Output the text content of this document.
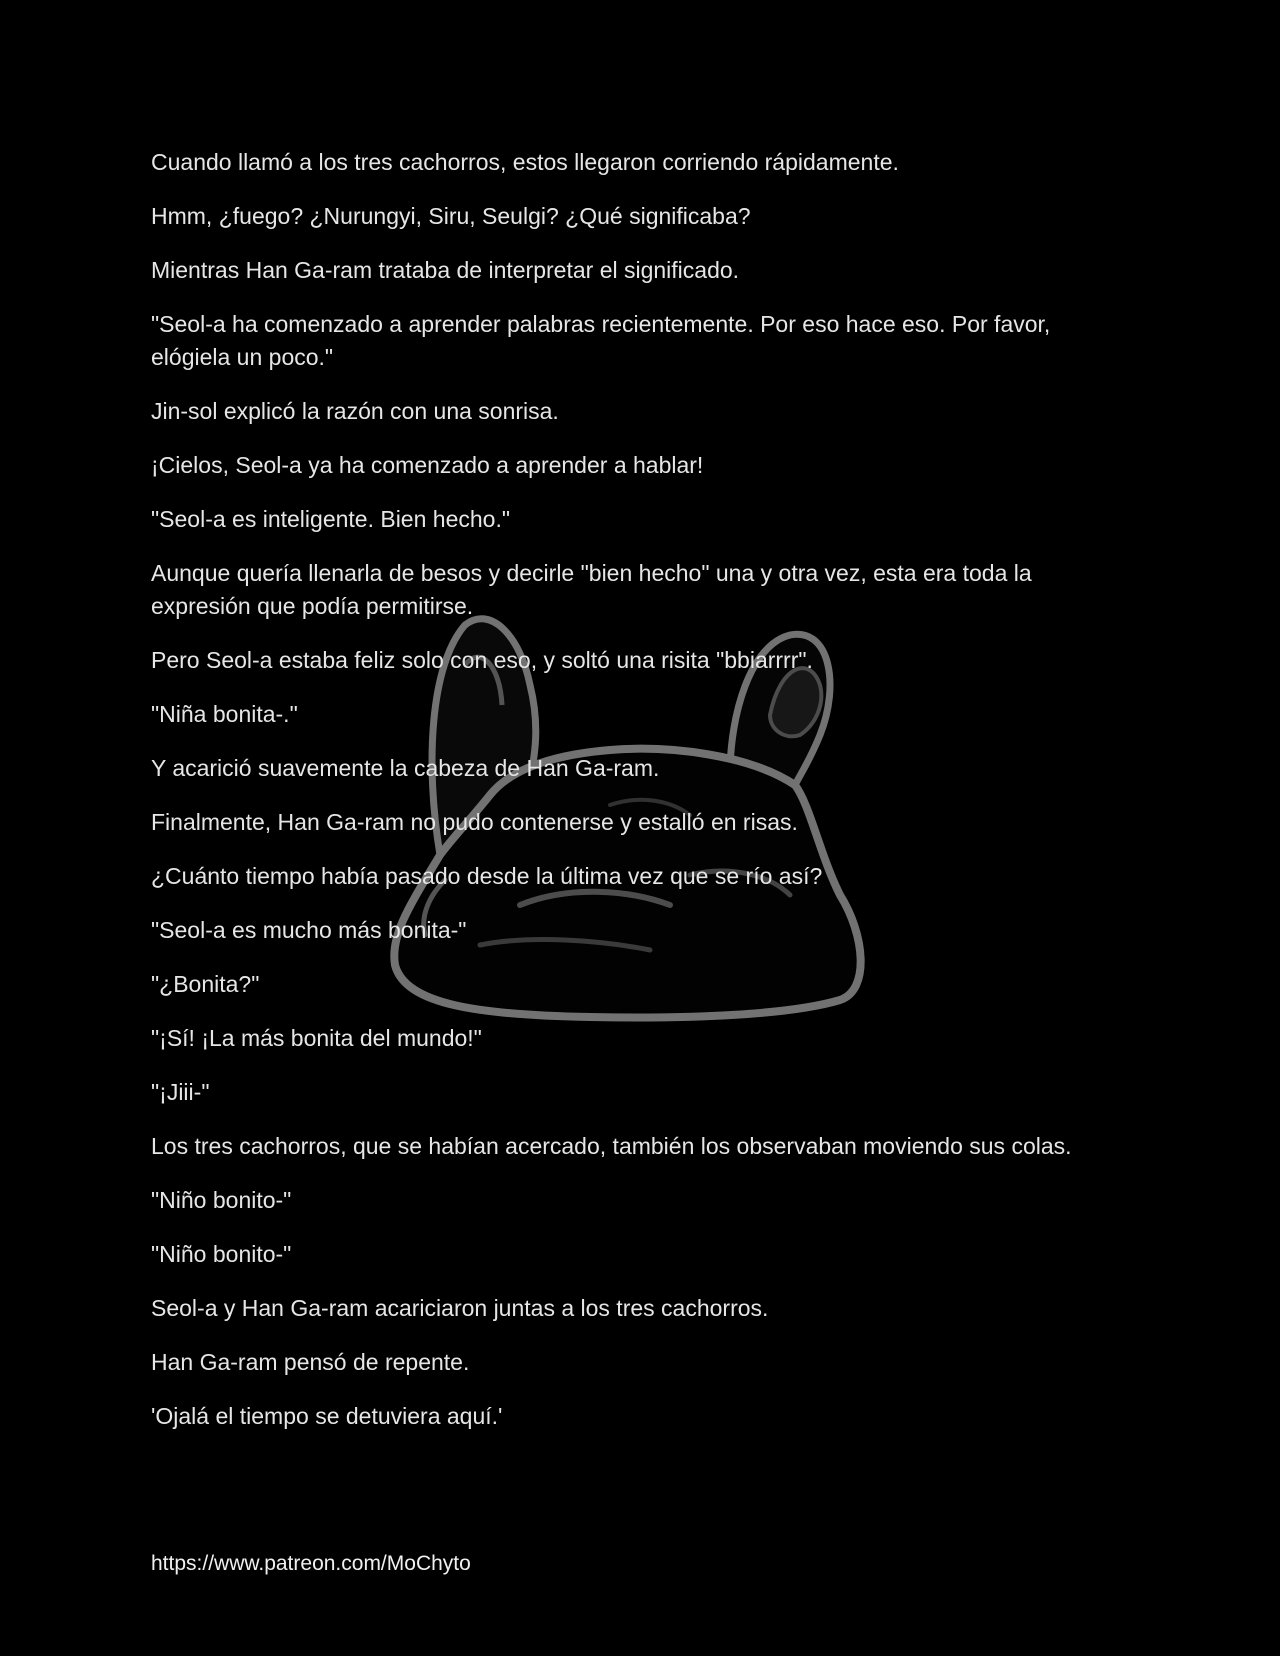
Cuando llamó a los tres cachorros, estos llegaron corriendo rápidamente.

Hmm, ¿fuego? ¿Nurungyi, Siru, Seulgi? ¿Qué significaba?

Mientras Han Ga-ram trataba de interpretar el significado.

"Seol-a ha comenzado a aprender palabras recientemente. Por eso hace eso. Por favor, elógiela un poco."

Jin-sol explicó la razón con una sonrisa.

¡Cielos, Seol-a ya ha comenzado a aprender a hablar!

"Seol-a es inteligente. Bien hecho."

Aunque quería llenarla de besos y decirle "bien hecho" una y otra vez, esta era toda la expresión que podía permitirse.

Pero Seol-a estaba feliz solo con eso, y soltó una risita "bbiarrrr".

"Niña bonita-."

Y acarició suavemente la cabeza de Han Ga-ram.

Finalmente, Han Ga-ram no pudo contenerse y estalló en risas.

¿Cuánto tiempo había pasado desde la última vez que se río así?

"Seol-a es mucho más bonita-"

"¿Bonita?"

"¡Sí! ¡La más bonita del mundo!"

"¡Jiii-"

Los tres cachorros, que se habían acercado, también los observaban moviendo sus colas.

"Niño bonito-"

"Niño bonito-"

Seol-a y Han Ga-ram acariciaron juntas a los tres cachorros.

Han Ga-ram pensó de repente.

'Ojalá el tiempo se detuviera aquí.'

https://www.patreon.com/MoChyto
